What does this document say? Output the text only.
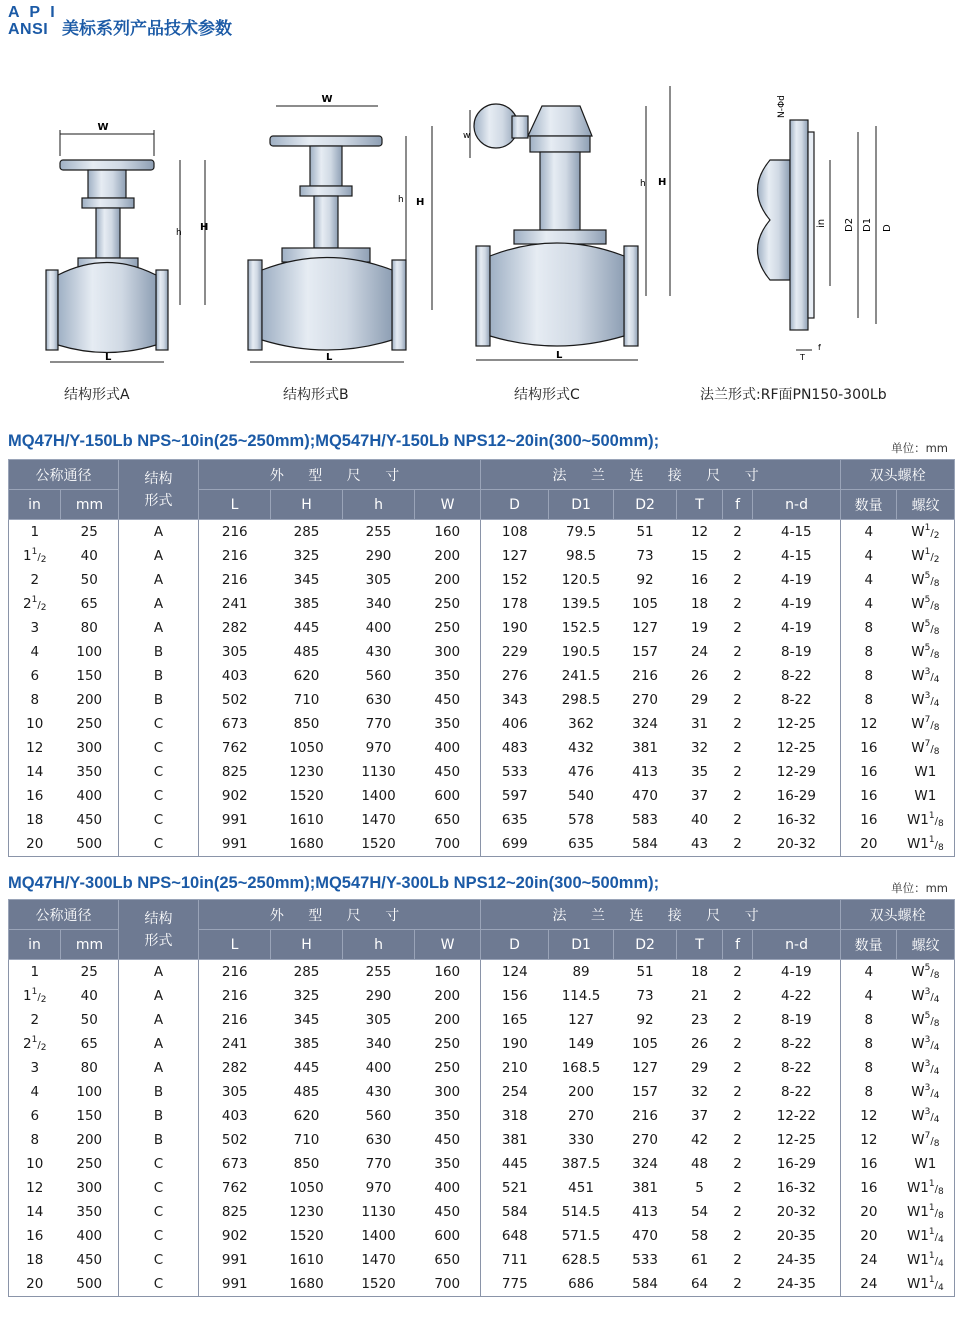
A P I
ANSI 美标系列产品技术参数
W
H
h
L
W
H
h
L
w
H
h
L
N-Φd
in D2 D1 D
T
f
结构形式A	结构形式B	结构形式C	法兰形式:RF面PN150-300Lb
MQ47H/Y-150Lb NPS~10in(25~250mm);MQ547H/Y-150Lb NPS12~20in(300~500mm);	单位：mm
公称通径		结构形式	外 型 尺 寸				法 兰 连 接 尺 寸						双头螺栓	
in	mm		L	H	h	W	D	D1	D2	T	f	n-d	数量	螺纹
1	25	A	216	285	255	160	108	79.5	51	12	2	4-15	4	$W^1/2$
$1^1/2$	40	A	216	325	290	200	127	98.5	73	15	2	4-15	4	$W^1/2$
2	50	A	216	345	305	200	152	120.5	92	16	2	4-19	4	$W^5/8$
$2^1/2$	65	A	241	385	340	250	178	139.5	105	18	2	4-19	4	$W^5/8$
3	80	A	282	445	400	250	190	152.5	127	19	2	4-19	8	$W^5/8$
4	100	B	305	485	430	300	229	190.5	157	24	2	8-19	8	$W^5/8$
6	150	B	403	620	560	350	276	241.5	216	26	2	8-22	8	$W^3/4$
8	200	B	502	710	630	450	343	298.5	270	29	2	8-22	8	$W^3/4$
10	250	C	673	850	770	350	406	362	324	31	2	12-25	12	$W^7/8$
12	300	C	762	1050	970	400	483	432	381	32	2	12-25	16	$W^7/8$
14	350	C	825	1230	1130	450	533	476	413	35	2	12-29	16	W1
16	400	C	902	1520	1400	600	597	540	470	37	2	16-29	16	W1
18	450	C	991	1610	1470	650	635	578	583	40	2	16-32	16	$W1^1/8$
20	500	C	991	1680	1520	700	699	635	584	43	2	20-32	20	$W1^1/8$
MQ47H/Y-300Lb NPS~10in(25~250mm);MQ547H/Y-300Lb NPS12~20in(300~500mm);	单位：mm
公称通径		结构形式	外 型 尺 寸				法 兰 连 接 尺 寸						双头螺栓	
in	mm		L	H	h	W	D	D1	D2	T	f	n-d	数量	螺纹
1	25	A	216	285	255	160	124	89	51	18	2	4-19	4	$W^5/8$
$1^1/2$	40	A	216	325	290	200	156	114.5	73	21	2	4-22	4	$W^3/4$
2	50	A	216	345	305	200	165	127	92	23	2	8-19	8	$W^5/8$
$2^1/2$	65	A	241	385	340	250	190	149	105	26	2	8-22	8	$W^3/4$
3	80	A	282	445	400	250	210	168.5	127	29	2	8-22	8	$W^3/4$
4	100	B	305	485	430	300	254	200	157	32	2	8-22	8	$W^3/4$
6	150	B	403	620	560	350	318	270	216	37	2	12-22	12	$W^3/4$
8	200	B	502	710	630	450	381	330	270	42	2	12-25	12	$W^7/8$
10	250	C	673	850	770	350	445	387.5	324	48	2	16-29	16	W1
12	300	C	762	1050	970	400	521	451	381	5	2	16-32	16	$W1^1/8$
14	350	C	825	1230	1130	450	584	514.5	413	54	2	20-32	20	$W1^1/8$
16	400	C	902	1520	1400	600	648	571.5	470	58	2	20-35	20	$W1^1/4$
18	450	C	991	1610	1470	650	711	628.5	533	61	2	24-35	24	$W1^1/4$
20	500	C	991	1680	1520	700	775	686	584	64	2	24-35	24	$W1^1/4$
